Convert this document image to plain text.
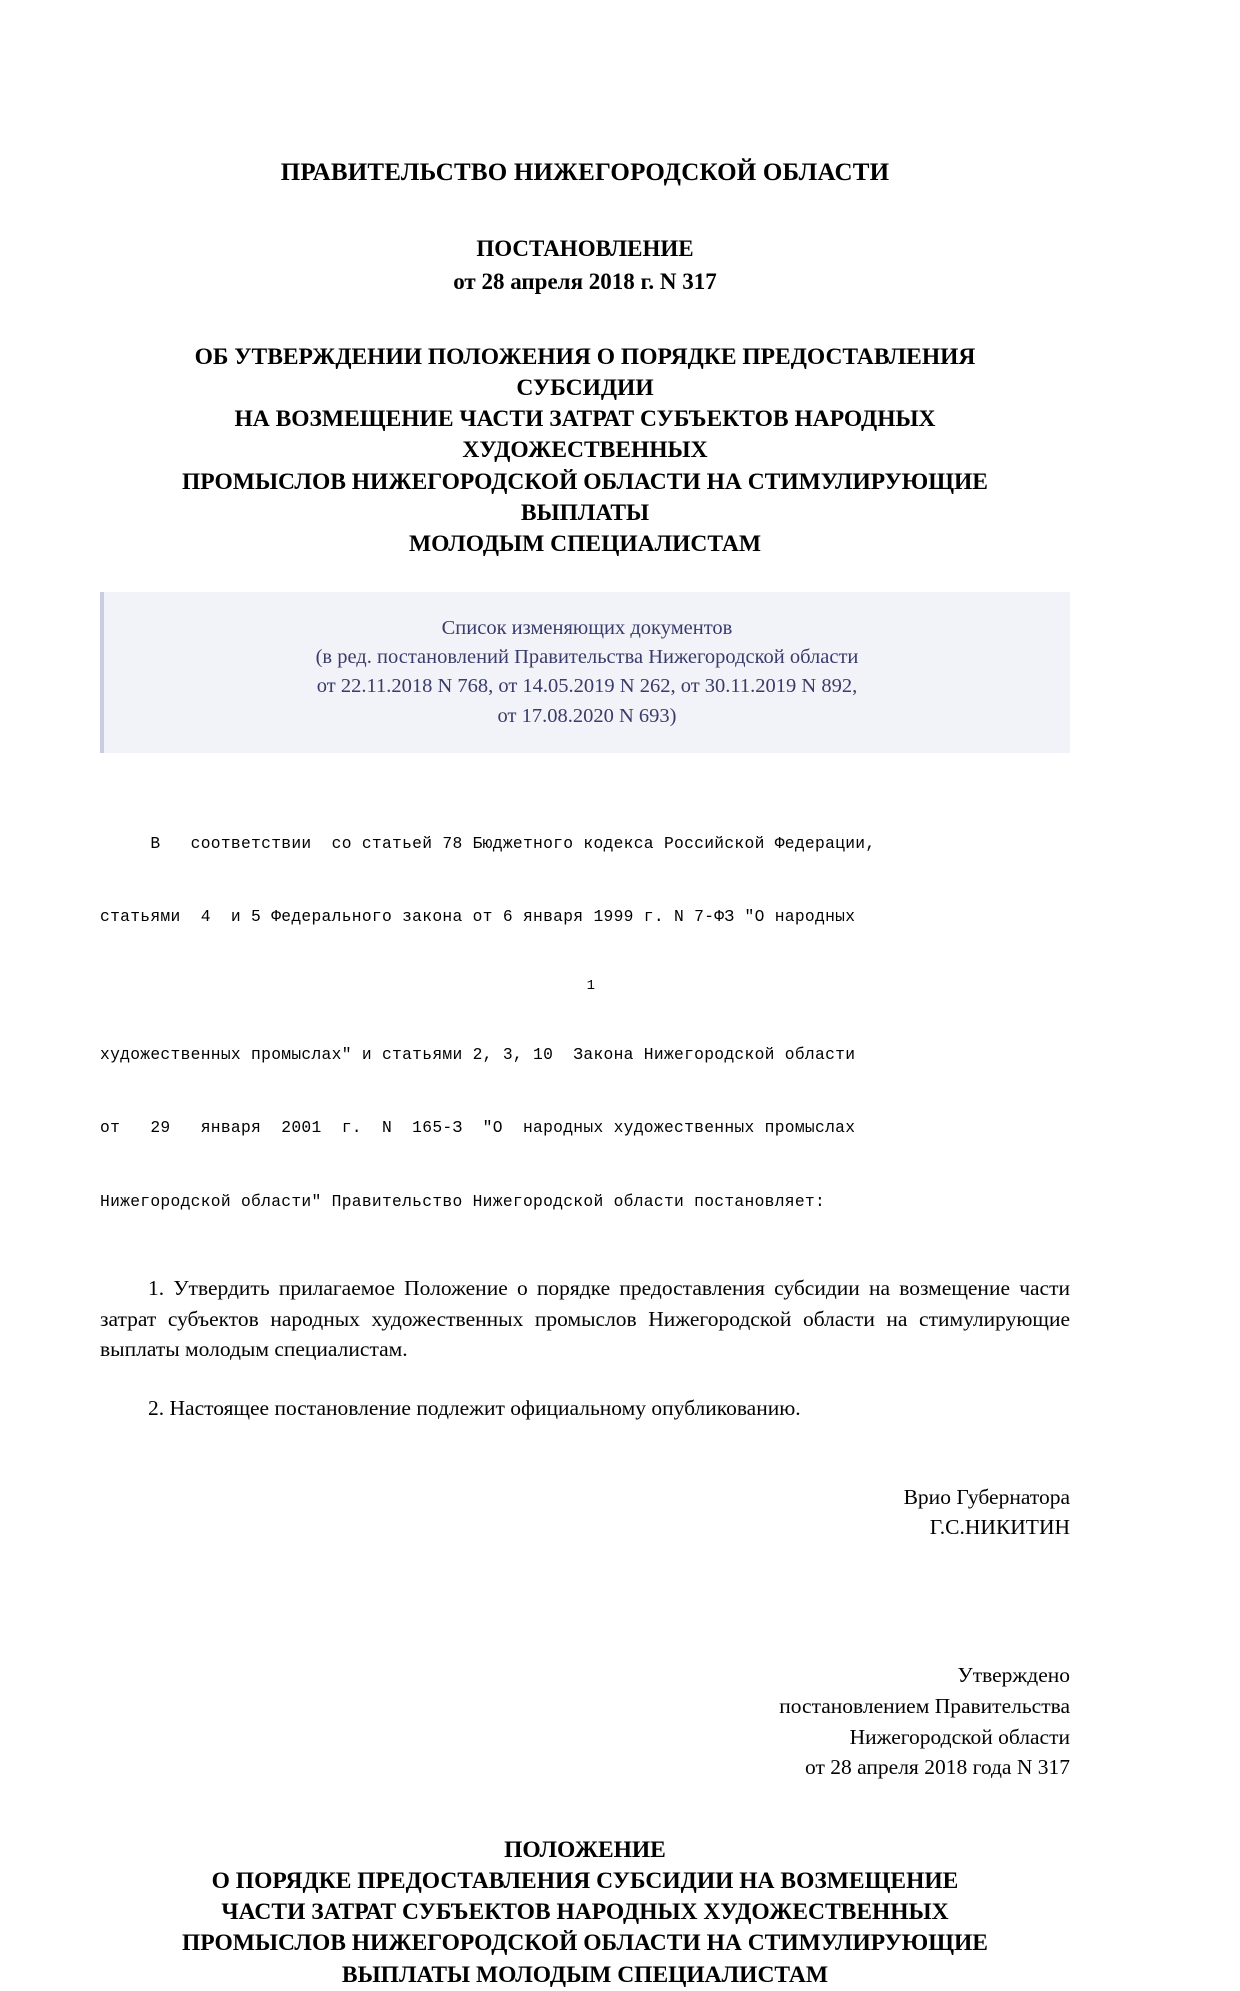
ПРАВИТЕЛЬСТВО НИЖЕГОРОДСКОЙ ОБЛАСТИ
ПОСТАНОВЛЕНИЕ
от 28 апреля 2018 г. N 317
ОБ УТВЕРЖДЕНИИ ПОЛОЖЕНИЯ О ПОРЯДКЕ ПРЕДОСТАВЛЕНИЯ
СУБСИДИИ
НА ВОЗМЕЩЕНИЕ ЧАСТИ ЗАТРАТ СУБЪЕКТОВ НАРОДНЫХ
ХУДОЖЕСТВЕННЫХ
ПРОМЫСЛОВ НИЖЕГОРОДСКОЙ ОБЛАСТИ НА СТИМУЛИРУЮЩИЕ
ВЫПЛАТЫ
МОЛОДЫМ СПЕЦИАЛИСТАМ
Список изменяющих документов
(в ред. постановлений Правительства Нижегородской области
от 22.11.2018 N 768, от 14.05.2019 N 262, от 30.11.2019 N 892,
от 17.08.2020 N 693)

В   соответствии  со статьей 78 Бюджетного кодекса Российской Федерации,

статьями  4  и 5 Федерального закона от 6 января 1999 г. N 7-ФЗ "О народных

1

художественных промыслах" и статьями 2, 3, 10  Закона Нижегородской области

от   29   января  2001  г.  N  165-З  "О  народных художественных промыслах

Нижегородской области" Правительство Нижегородской области постановляет:

1. Утвердить прилагаемое Положение о порядке предоставления субсидии на возмещение части затрат субъектов народных художественных промыслов Нижегородской области на стимулирующие выплаты молодым специалистам.

2. Настоящее постановление подлежит официальному опубликованию.

Врио Губернатора
Г.С.НИКИТИН
Утверждено
постановлением Правительства
Нижегородской области
от 28 апреля 2018 года N 317
ПОЛОЖЕНИЕ
О ПОРЯДКЕ ПРЕДОСТАВЛЕНИЯ СУБСИДИИ НА ВОЗМЕЩЕНИЕ
ЧАСТИ ЗАТРАТ СУБЪЕКТОВ НАРОДНЫХ ХУДОЖЕСТВЕННЫХ
ПРОМЫСЛОВ НИЖЕГОРОДСКОЙ ОБЛАСТИ НА СТИМУЛИРУЮЩИЕ
ВЫПЛАТЫ МОЛОДЫМ СПЕЦИАЛИСТАМ
